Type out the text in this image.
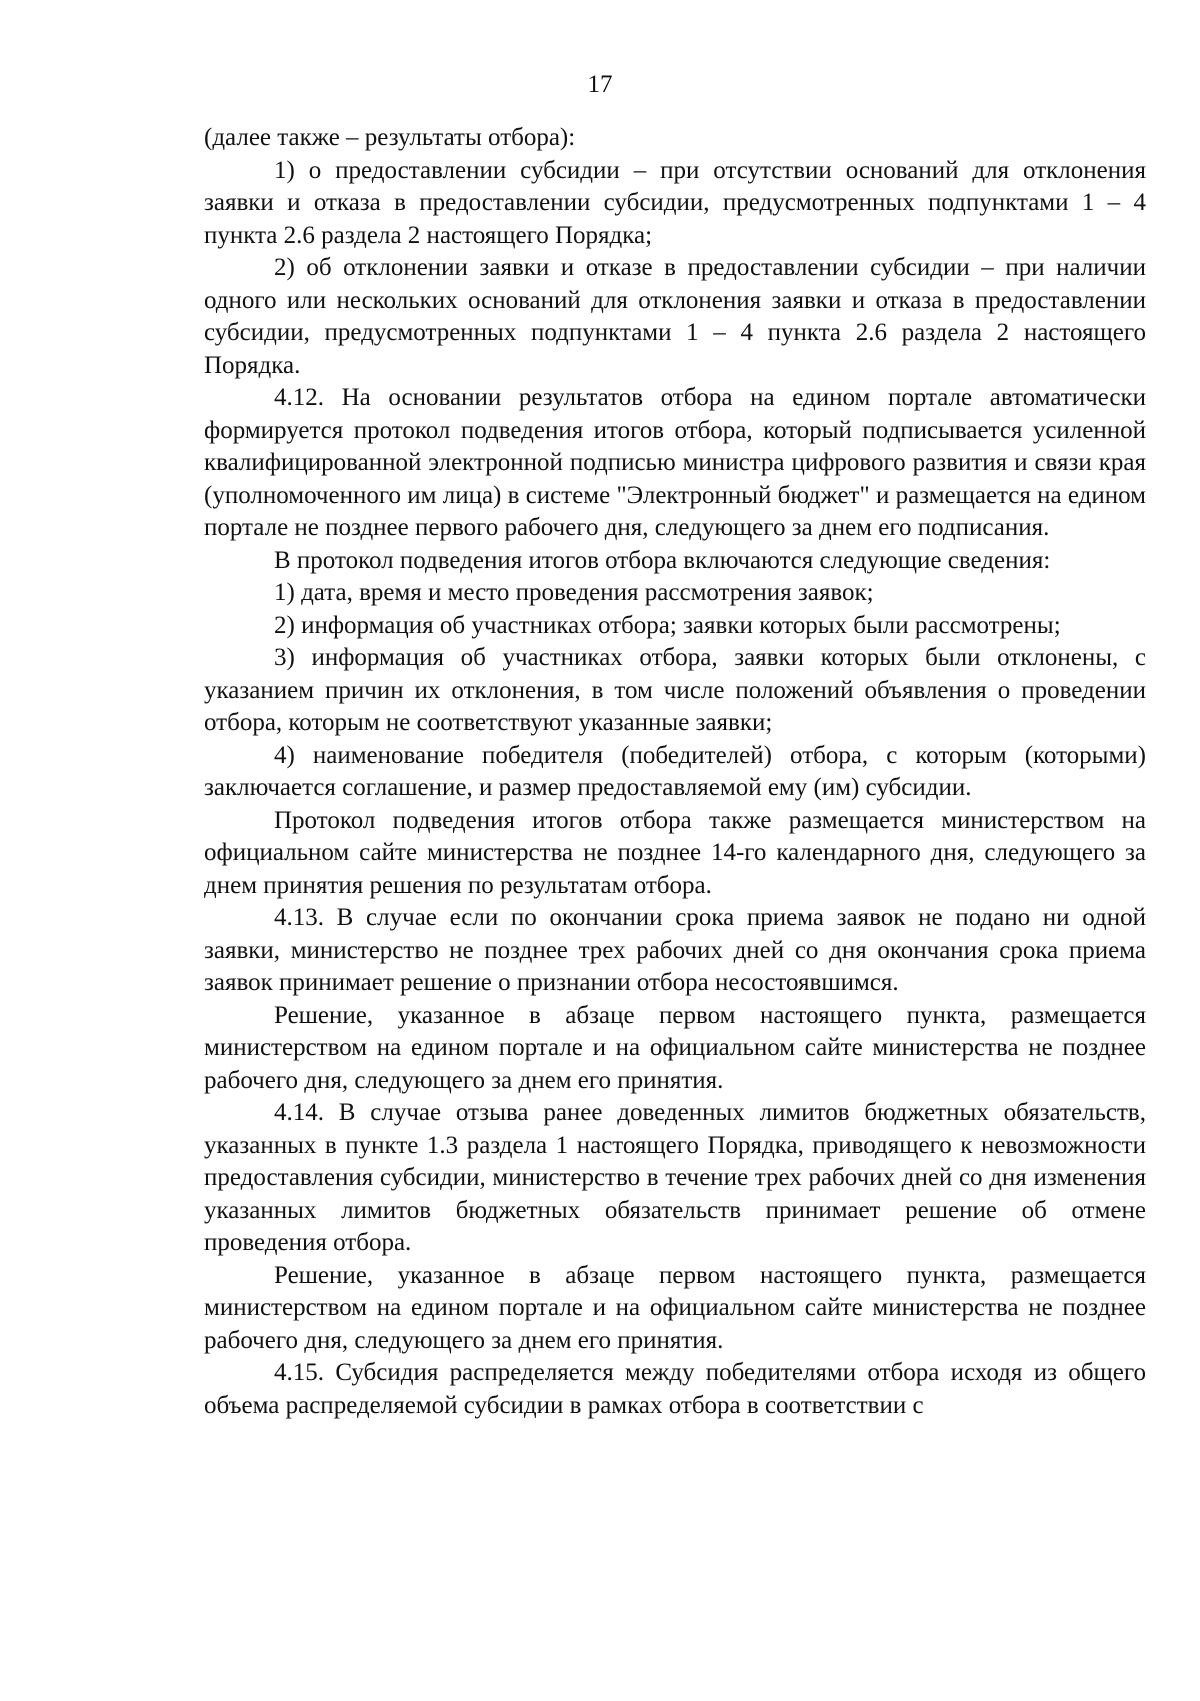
17

(далее также – результаты отбора):

1) о предоставлении субсидии – при отсутствии оснований для отклонения заявки и отказа в предоставлении субсидии, предусмотренных подпунктами 1 – 4 пункта 2.6 раздела 2 настоящего Порядка;

2) об отклонении заявки и отказе в предоставлении субсидии – при наличии одного или нескольких оснований для отклонения заявки и отказа в предоставлении субсидии, предусмотренных подпунктами 1 – 4 пункта 2.6 раздела 2 настоящего Порядка.

4.12. На основании результатов отбора на едином портале автоматически формируется протокол подведения итогов отбора, который подписывается усиленной квалифицированной электронной подписью министра цифрового развития и связи края (уполномоченного им лица) в системе "Электронный бюджет" и размещается на едином портале не позднее первого рабочего дня, следующего за днем его подписания.

В протокол подведения итогов отбора включаются следующие сведения:

1) дата, время и место проведения рассмотрения заявок;

2) информация об участниках отбора; заявки которых были рассмотрены;

3) информация об участниках отбора, заявки которых были отклонены, с указанием причин их отклонения, в том числе положений объявления о проведении отбора, которым не соответствуют указанные заявки;

4) наименование победителя (победителей) отбора, с которым (которыми) заключается соглашение, и размер предоставляемой ему (им) субсидии.

Протокол подведения итогов отбора также размещается министерством на официальном сайте министерства не позднее 14-го календарного дня, следующего за днем принятия решения по результатам отбора.

4.13. В случае если по окончании срока приема заявок не подано ни одной заявки, министерство не позднее трех рабочих дней со дня окончания срока приема заявок принимает решение о признании отбора несостоявшимся.

Решение, указанное в абзаце первом настоящего пункта, размещается министерством на едином портале и на официальном сайте министерства не позднее рабочего дня, следующего за днем его принятия.

4.14. В случае отзыва ранее доведенных лимитов бюджетных обязательств, указанных в пункте 1.3 раздела 1 настоящего Порядка, приводящего к невозможности предоставления субсидии, министерство в течение трех рабочих дней со дня изменения указанных лимитов бюджетных обязательств принимает решение об отмене проведения отбора.

Решение, указанное в абзаце первом настоящего пункта, размещается министерством на едином портале и на официальном сайте министерства не позднее рабочего дня, следующего за днем его принятия.

4.15. Субсидия распределяется между победителями отбора исходя из общего объема распределяемой субсидии в рамках отбора в соответствии с
